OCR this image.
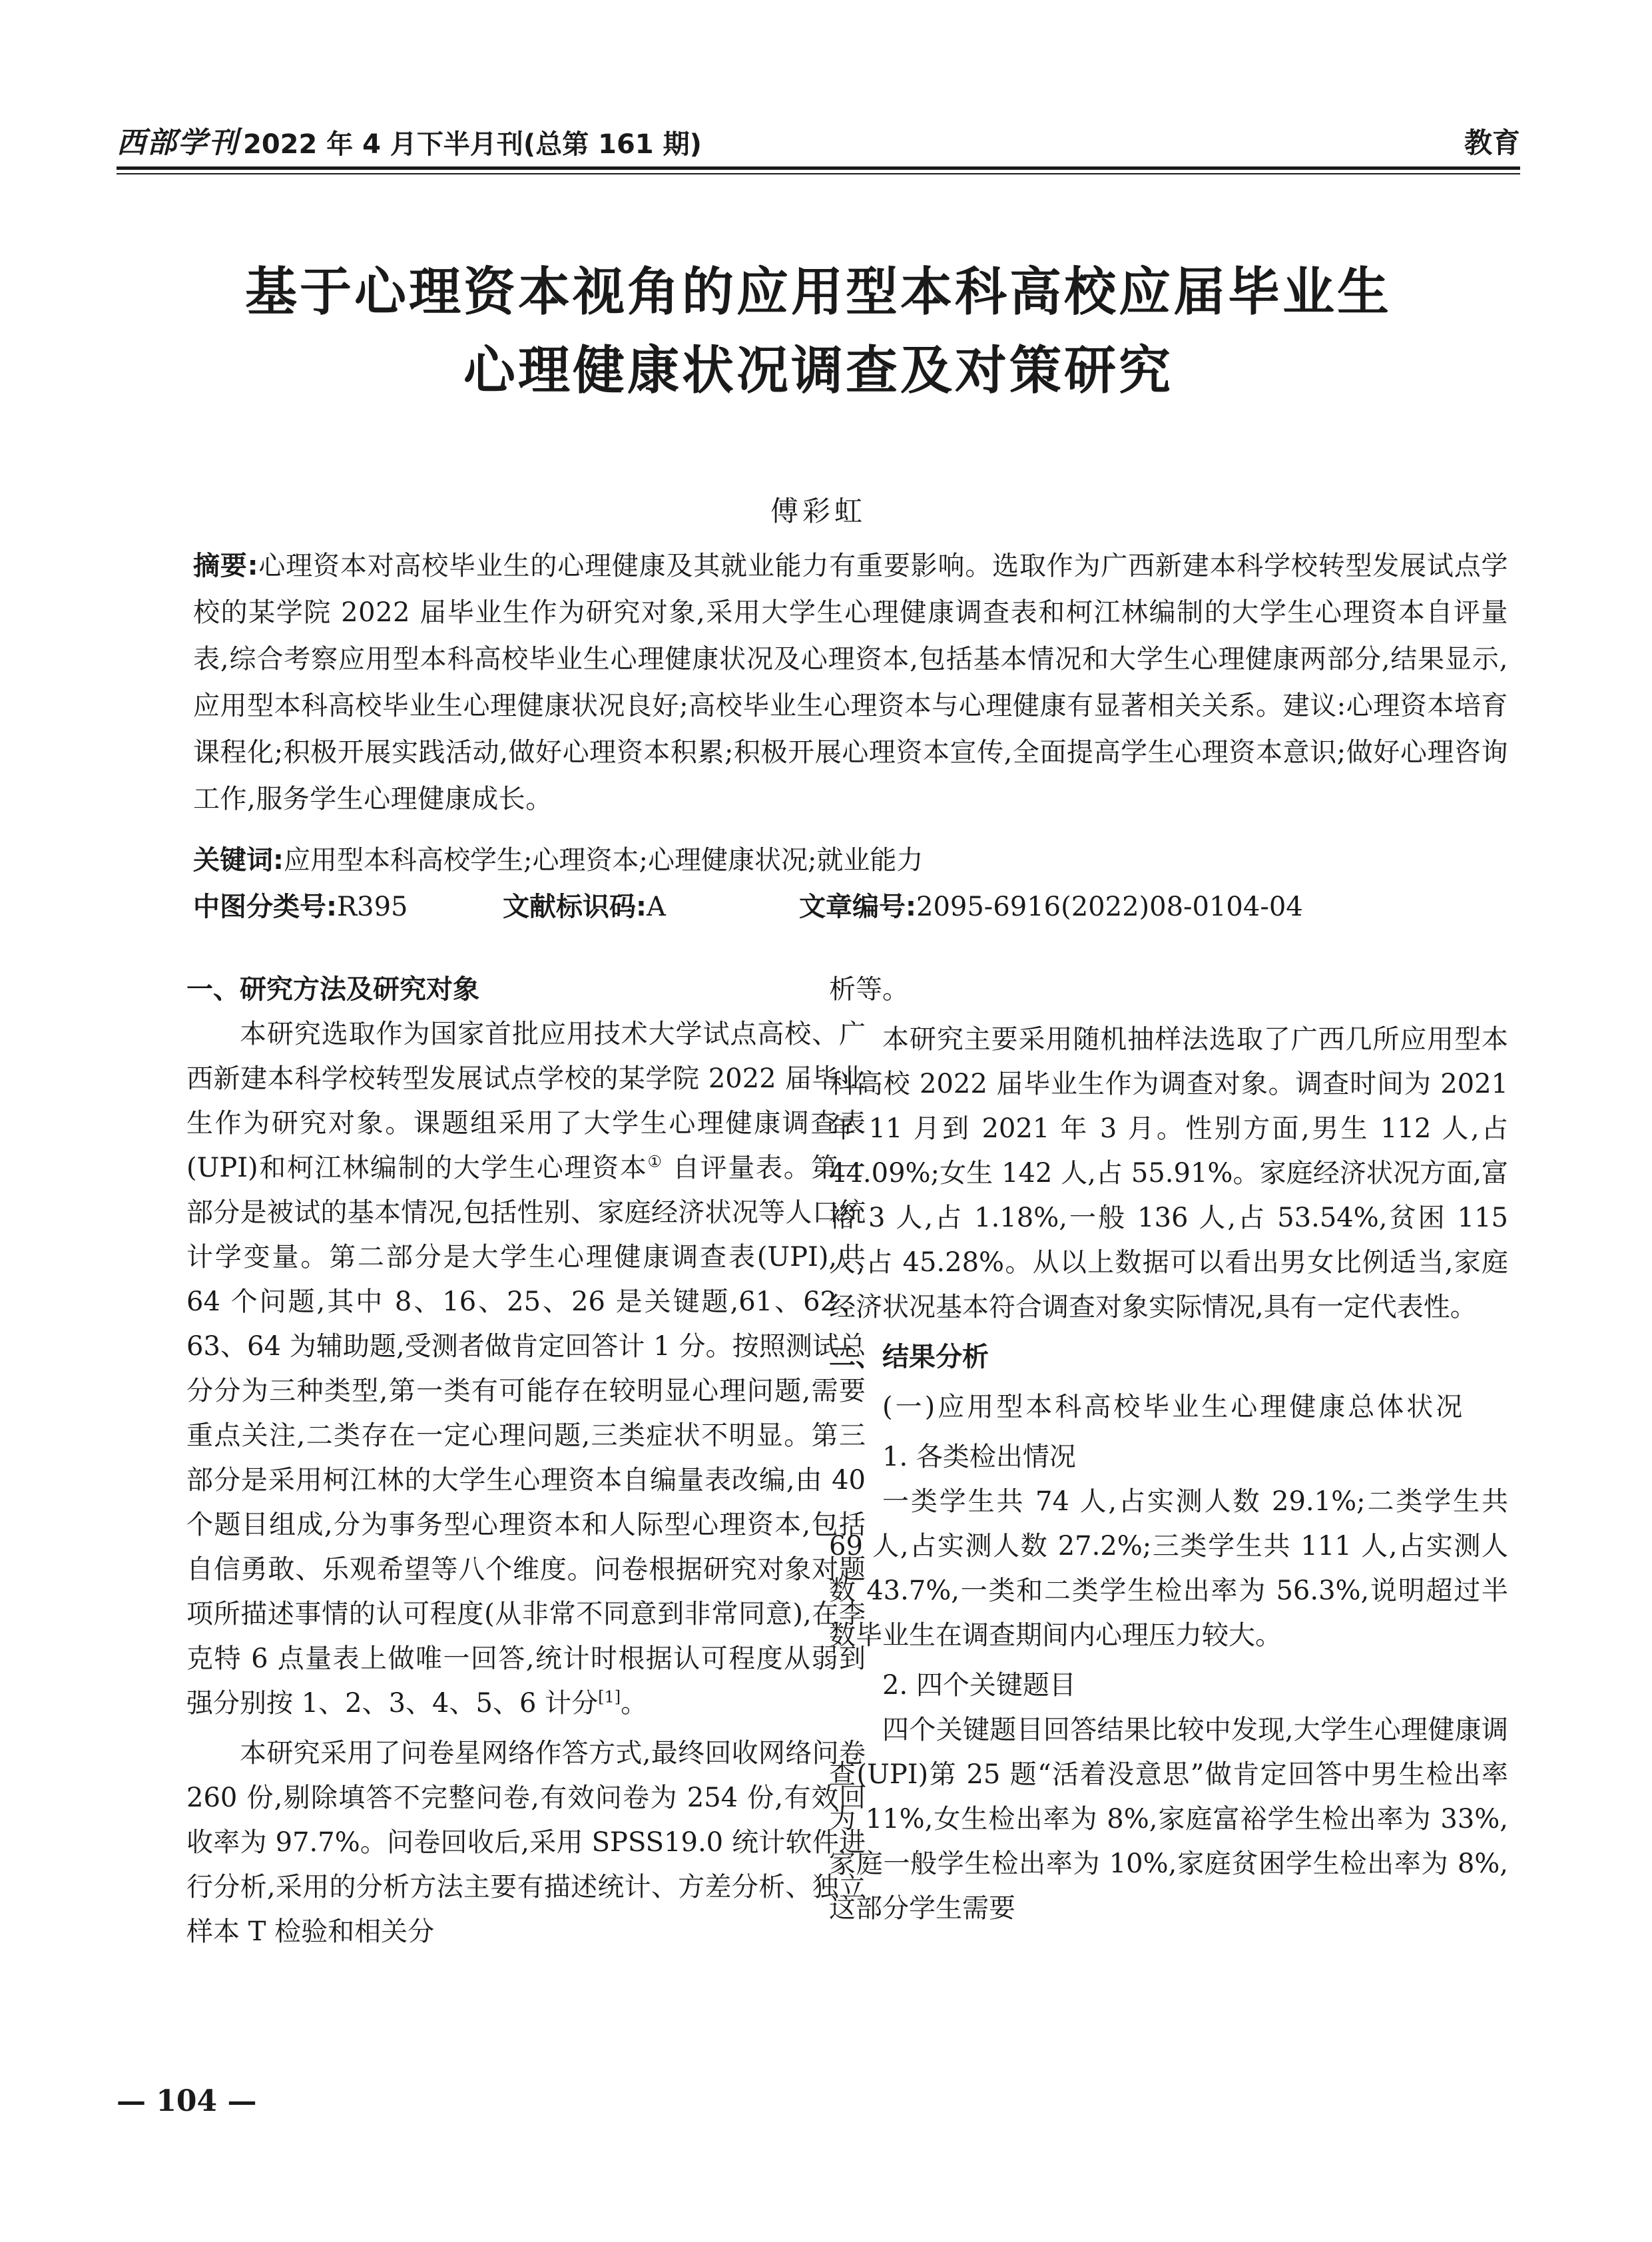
西部学刊 2022 年 4 月下半月刊(总第 161 期)	教育
基于心理资本视角的应用型本科高校应届毕业生
心理健康状况调查及对策研究
傅彩虹
摘要:心理资本对高校毕业生的心理健康及其就业能力有重要影响。选取作为广西新建本科学校转型发展试点学校的某学院 2022 届毕业生作为研究对象,采用大学生心理健康调查表和柯江林编制的大学生心理资本自评量表,综合考察应用型本科高校毕业生心理健康状况及心理资本,包括基本情况和大学生心理健康两部分,结果显示,应用型本科高校毕业生心理健康状况良好;高校毕业生心理资本与心理健康有显著相关关系。建议:心理资本培育课程化;积极开展实践活动,做好心理资本积累;积极开展心理资本宣传,全面提高学生心理资本意识;做好心理咨询工作,服务学生心理健康成长。
关键词:应用型本科高校学生;心理资本;心理健康状况;就业能力
中图分类号:R395	文献标识码:A	文章编号:2095-6916(2022)08-0104-04
一、研究方法及研究对象

本研究选取作为国家首批应用技术大学试点高校、广西新建本科学校转型发展试点学校的某学院 2022 届毕业生作为研究对象。课题组采用了大学生心理健康调查表(UPI)和柯江林编制的大学生心理资本① 自评量表。第一部分是被试的基本情况,包括性别、家庭经济状况等人口统计学变量。第二部分是大学生心理健康调查表(UPI),共 64 个问题,其中 8、16、25、26 是关键题,61、62、63、64 为辅助题,受测者做肯定回答计 1 分。按照测试总分分为三种类型,第一类有可能存在较明显心理问题,需要重点关注,二类存在一定心理问题,三类症状不明显。第三部分是采用柯江林的大学生心理资本自编量表改编,由 40 个题目组成,分为事务型心理资本和人际型心理资本,包括自信勇敢、乐观希望等八个维度。问卷根据研究对象对题项所描述事情的认可程度(从非常不同意到非常同意),在李克特 6 点量表上做唯一回答,统计时根据认可程度从弱到强分别按 1、2、3、4、5、6 计分[1]。

本研究采用了问卷星网络作答方式,最终回收网络问卷 260 份,剔除填答不完整问卷,有效问卷为 254 份,有效回收率为 97.7%。问卷回收后,采用 SPSS19.0 统计软件进行分析,采用的分析方法主要有描述统计、方差分析、独立样本 T 检验和相关分

析等。

本研究主要采用随机抽样法选取了广西几所应用型本科高校 2022 届毕业生作为调查对象。调查时间为 2021 年 11 月到 2021 年 3 月。性别方面,男生 112 人,占 44.09%;女生 142 人,占 55.91%。家庭经济状况方面,富裕 3 人,占 1.18%,一般 136 人,占 53.54%,贫困 115 人,占 45.28%。从以上数据可以看出男女比例适当,家庭经济状况基本符合调查对象实际情况,具有一定代表性。

二、结果分析

(一)应用型本科高校毕业生心理健康总体状况

1. 各类检出情况

一类学生共 74 人,占实测人数 29.1%;二类学生共 69 人,占实测人数 27.2%;三类学生共 111 人,占实测人数 43.7%,一类和二类学生检出率为 56.3%,说明超过半数毕业生在调查期间内心理压力较大。

2. 四个关键题目

四个关键题目回答结果比较中发现,大学生心理健康调查(UPI)第 25 题“活着没意思”做肯定回答中男生检出率为 11%,女生检出率为 8%,家庭富裕学生检出率为 33%,家庭一般学生检出率为 10%,家庭贫困学生检出率为 8%,这部分学生需要

— 104 —
